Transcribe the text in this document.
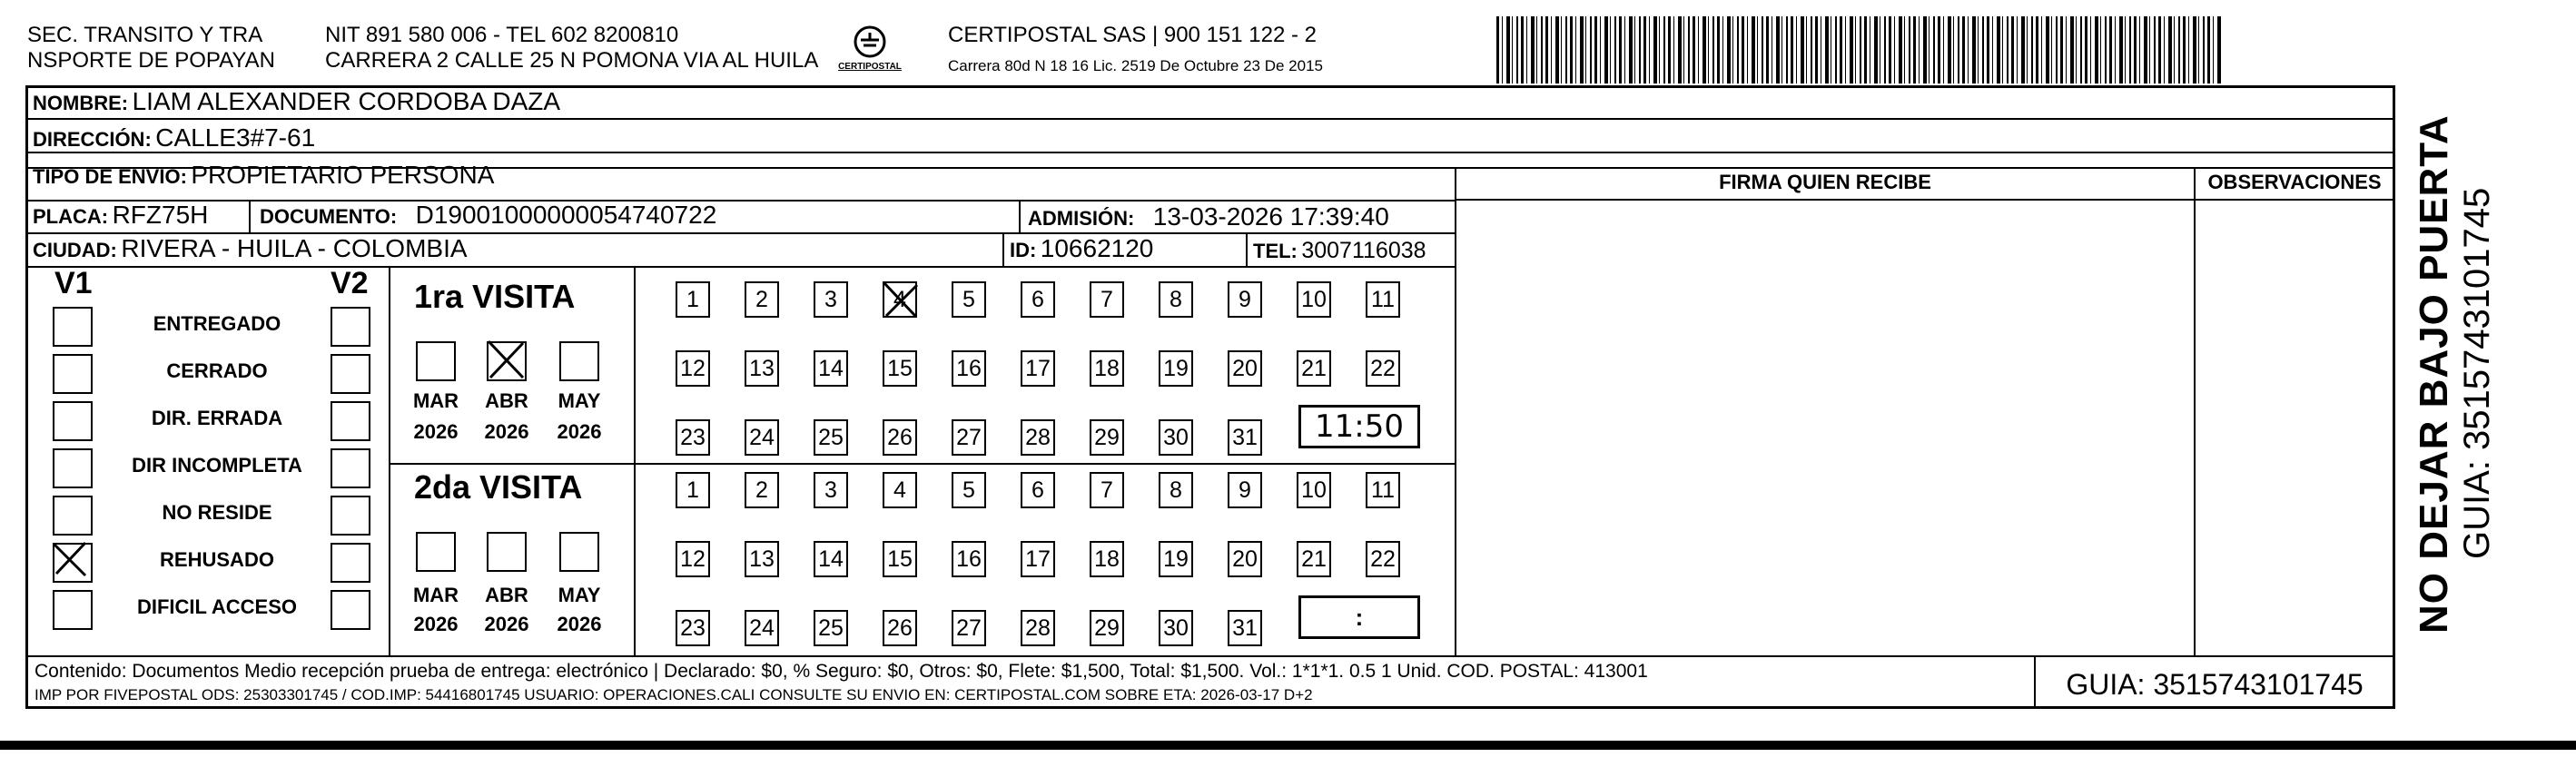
SEC. TRANSITO Y TRA
NSPORTE DE POPAYAN
NIT 891 580 006 - TEL 602 8200810
CARRERA 2 CALLE 25 N POMONA VIA AL HUILA CERTIPOSTAL
CERTIPOSTAL SAS | 900 151 122 - 2
Carrera 80d N 18 16 Lic. 2519 De Octubre 23 De 2015
NOMBRE: LIAM ALEXANDER CORDOBA DAZA
DIRECCIÓN: CALLE3#7-61
TIPO DE ENVIO: PROPIETARIO PERSONA
PLACA: RFZ75H	DOCUMENTO: D19001000000054740722	ADMISIÓN: 13-03-2026 17:39:40
CIUDAD: RIVERA - HUILA - COLOMBIA	ID: 10662120	TEL: 3007116038
FIRMA QUIEN RECIBE	OBSERVACIONES
V1	V2
ENTREGADO
CERRADO
DIR. ERRADA
DIR INCOMPLETA
NO RESIDE
REHUSADO
DIFICIL ACCESO
1ra VISITA
MAR ABR MAY
2026 2026 2026
2da VISITA
MAR ABR MAY
2026 2026 2026
11:50
:
Contenido: Documentos Medio recepción prueba de entrega: electrónico | Declarado: $0, % Seguro: $0, Otros: $0, Flete: $1,500, Total: $1,500. Vol.: 1*1*1. 0.5 1 Unid. COD. POSTAL: 413001
IMP POR FIVEPOSTAL ODS: 25303301745 / COD.IMP: 54416801745 USUARIO: OPERACIONES.CALI CONSULTE SU ENVIO EN: CERTIPOSTAL.COM SOBRE ETA: 2026-03-17 D+2	GUIA: 3515743101745
NO DEJAR BAJO PUERTA GUIA: 3515743101745
1 2 3 4 5 6 7 8 9 10 11
12 13 14 15 16 17 18 19 20 21 22
23 24 25 26 27 28 29 30 31
1 2 3 4 5 6 7 8 9 10 11
12 13 14 15 16 17 18 19 20 21 22
23 24 25 26 27 28 29 30 31
